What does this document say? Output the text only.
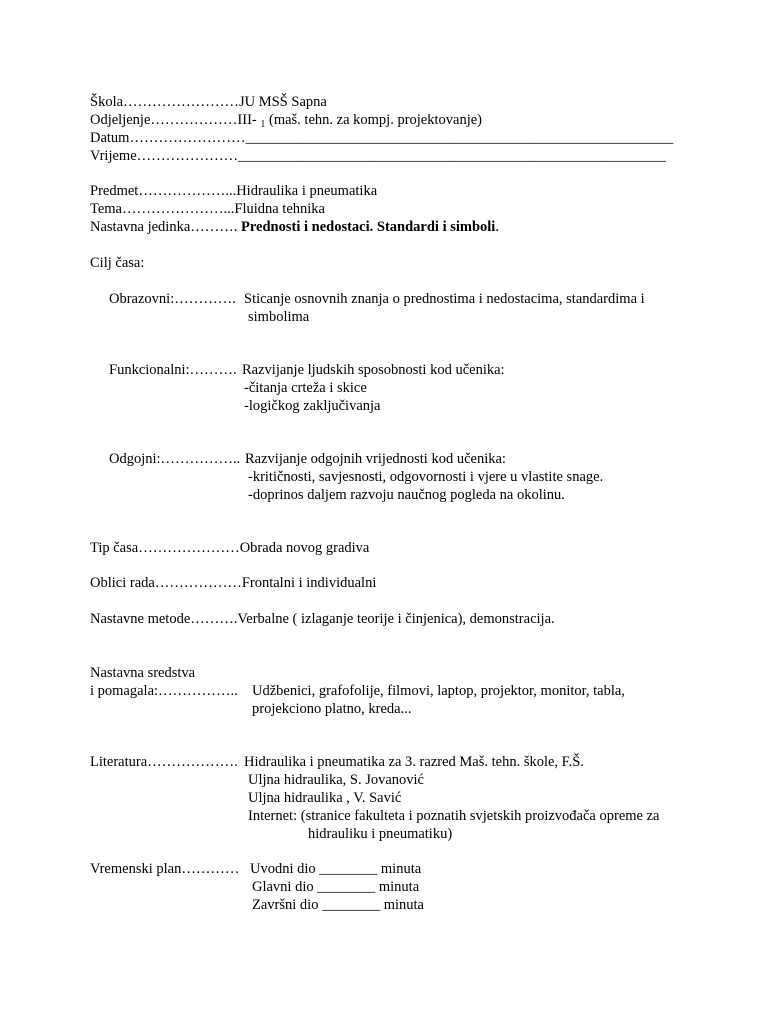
Škola……………………JU MSŠ Sapna
Odjeljenje………………III- $_1$ (maš. tehn. za kompj. projektovanje)
Datum……………………___________________________________________________________
Vrijeme…………………___________________________________________________________
Predmet………………...Hidraulika i pneumatika
Tema…………………...Fluidna tehnika
Nastavna jedinka………. Prednosti i nedostaci. Standardi i simboli.
Cilj časa:
Obrazovni:…………. Sticanje osnovnih znanja o prednostima i nedostacima, standardima i
simbolima
Funkcionalni:………. Razvijanje ljudskih sposobnosti kod učenika:
-čitanja crteža i skice
-logičkog zaključivanja
Odgojni:…………….. Razvijanje odgojnih vrijednosti kod učenika:
-kritičnosti, savjesnosti, odgovornosti i vjere u vlastite snage.
-doprinos daljem razvoju naučnog pogleda na okolinu.
Tip časa…………………Obrada novog gradiva
Oblici rada………………Frontalni i individualni
Nastavne metode……….Verbalne ( izlaganje teorije i činjenica), demonstracija.
Nastavna sredstva
i pomagala:…………….. Udžbenici, grafofolije, filmovi, laptop, projektor, monitor, tabla,
projekciono platno, kreda...
Literatura………………. Hidraulika i pneumatika za 3. razred Maš. tehn. škole, F.Š.
Uljna hidraulika, S. Jovanović
Uljna hidraulika , V. Savić
Internet: (stranice fakulteta i poznatih svjetskih proizvođača opreme za
hidrauliku i pneumatiku)
Vremenski plan………… Uvodni dio ________ minuta
Glavni dio ________ minuta
Završni dio ________ minuta
